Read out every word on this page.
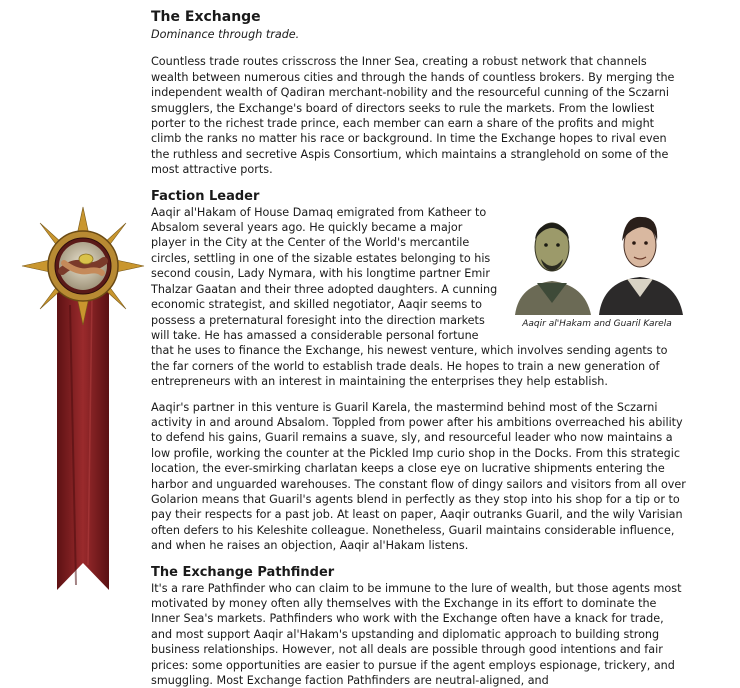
The Exchange
Dominance through trade.

Countless trade routes crisscross the Inner Sea, creating a robust network that channels wealth between numerous cities and through the hands of countless brokers. By merging the independent wealth of Qadiran merchant-nobility and the resourceful cunning of the Sczarni smugglers, the Exchange's board of directors seeks to rule the markets. From the lowliest porter to the richest trade prince, each member can earn a share of the profits and might climb the ranks no matter his race or background. In time the Exchange hopes to rival even the ruthless and secretive Aspis Consortium, which maintains a stranglehold on some of the most attractive ports.

Faction Leader
Aaqir al'Hakam and Guaril Karela

Aaqir al'Hakam of House Damaq emigrated from Katheer to Absalom several years ago. He quickly became a major player in the City at the Center of the World's mercantile circles, settling in one of the sizable estates belonging to his second cousin, Lady Nymara, with his longtime partner Emir Thalzar Gaatan and their three adopted daughters. A cunning economic strategist, and skilled negotiator, Aaqir seems to possess a preternatural foresight into the direction markets will take. He has amassed a considerable personal fortune that he uses to finance the Exchange, his newest venture, which involves sending agents to the far corners of the world to establish trade deals. He hopes to train a new generation of entrepreneurs with an interest in maintaining the enterprises they help establish.

Aaqir's partner in this venture is Guaril Karela, the mastermind behind most of the Sczarni activity in and around Absalom. Toppled from power after his ambitions overreached his ability to defend his gains, Guaril remains a suave, sly, and resourceful leader who now maintains a low profile, working the counter at the Pickled Imp curio shop in the Docks. From this strategic location, the ever-smirking charlatan keeps a close eye on lucrative shipments entering the harbor and unguarded warehouses. The constant flow of dingy sailors and visitors from all over Golarion means that Guaril's agents blend in perfectly as they stop into his shop for a tip or to pay their respects for a past job. At least on paper, Aaqir outranks Guaril, and the wily Varisian often defers to his Keleshite colleague. Nonetheless, Guaril maintains considerable influence, and when he raises an objection, Aaqir al'Hakam listens.

The Exchange Pathfinder

It's a rare Pathfinder who can claim to be immune to the lure of wealth, but those agents most motivated by money often ally themselves with the Exchange in its effort to dominate the Inner Sea's markets. Pathfinders who work with the Exchange often have a knack for trade, and most support Aaqir al'Hakam's upstanding and diplomatic approach to building strong business relationships. However, not all deals are possible through good intentions and fair prices: some opportunities are easier to pursue if the agent employs espionage, trickery, and smuggling. Most Exchange faction Pathfinders are neutral-aligned, and
